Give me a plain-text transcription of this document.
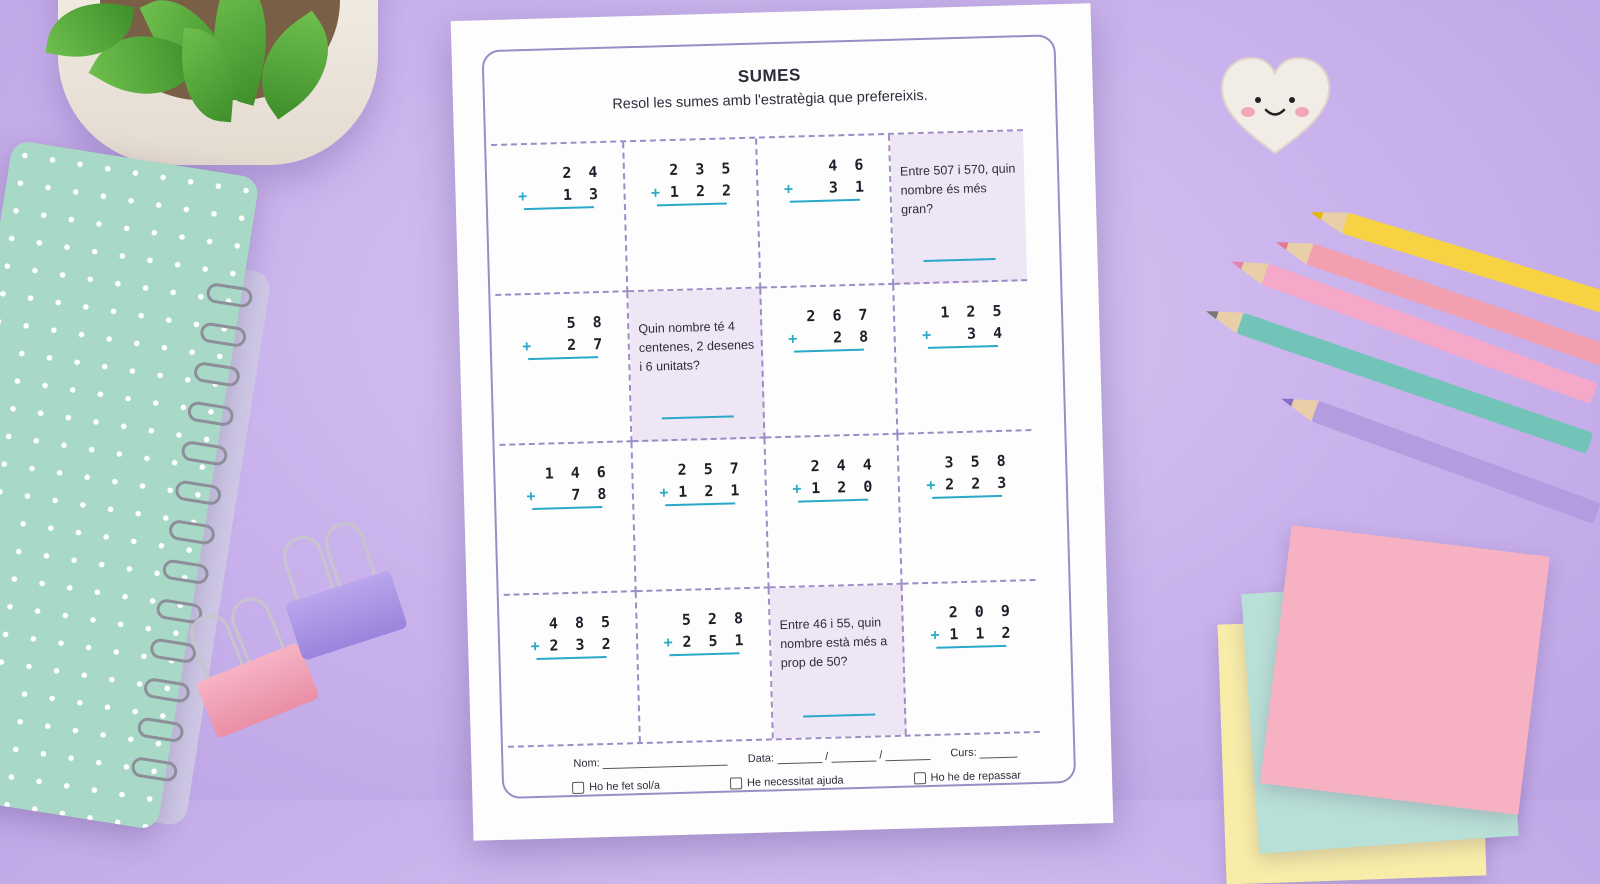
SUMES
Resol les sumes amb l'estratègia que prefereixis.
2 4
+ 1 3
2 3 5
+ 1 2 2
4 6
+ 3 1
Entre 507 i 570, quin nombre és més gran?
5 8
+ 2 7
Quin nombre té 4 centenes, 2 desenes i 6 unitats?
2 6 7
+ 2 8
1 2 5
+ 3 4
1 4 6
+ 7 8
2 5 7
+ 1 2 1
2 4 4
+ 1 2 0
3 5 8
+ 2 2 3
4 8 5
+ 2 3 2
5 2 8
+ 2 5 1
Entre 46 i 55, quin nombre està més a prop de 50?
2 0 9
+ 1 1 2
Nom:	Data:	/	/	Curs:
Ho he fet sol/a	He necessitat ajuda	Ho he de repassar
